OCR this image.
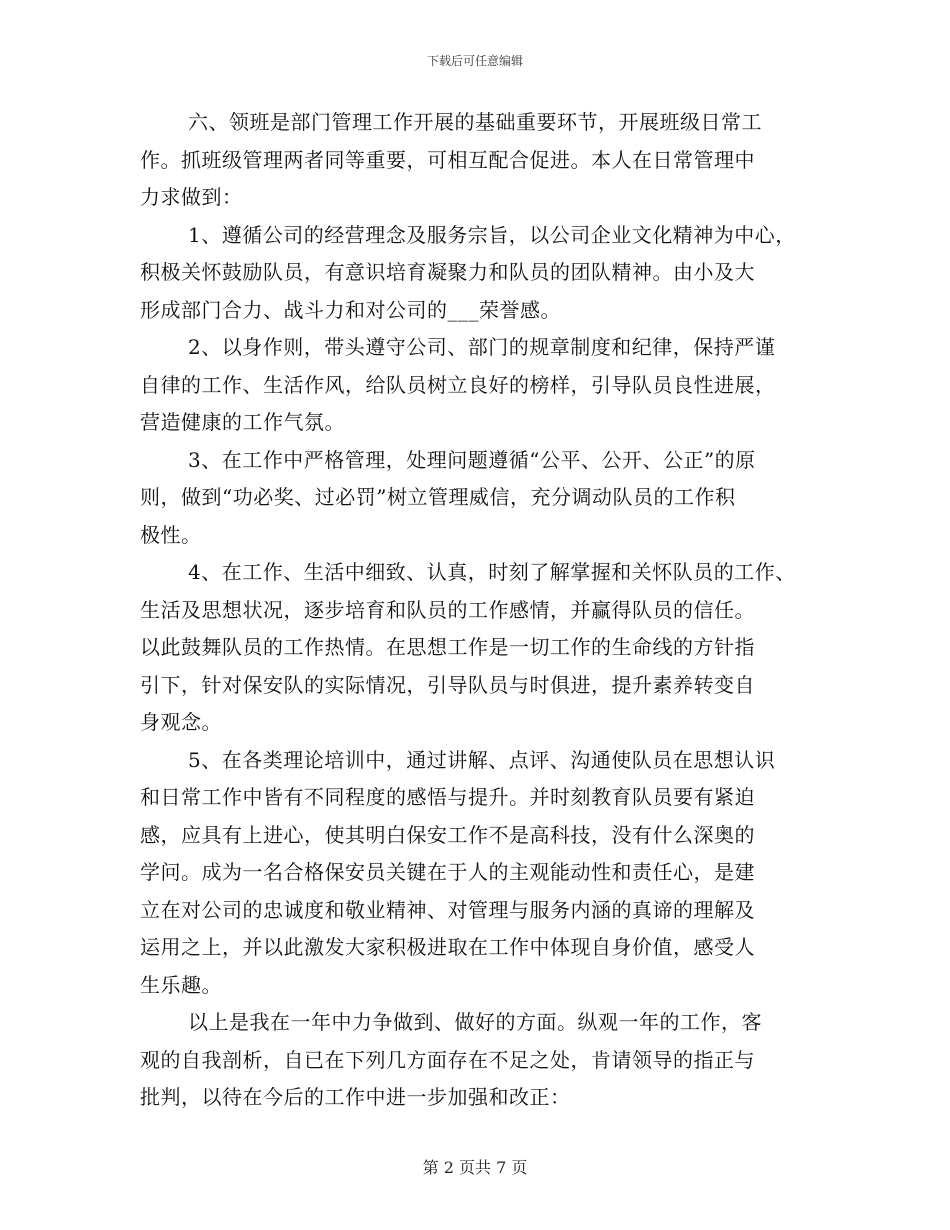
下载后可任意编辑
六、领班是部门管理工作开展的基础重要环节，开展班级日常工
作。抓班级管理两者同等重要，可相互配合促进。本人在日常管理中
力求做到：
1、遵循公司的经营理念及服务宗旨，以公司企业文化精神为中心，
积极关怀鼓励队员，有意识培育凝聚力和队员的团队精神。由小及大
形成部门合力、战斗力和对公司的___荣誉感。
2、以身作则，带头遵守公司、部门的规章制度和纪律，保持严谨
自律的工作、生活作风，给队员树立良好的榜样，引导队员良性进展，
营造健康的工作气氛。
3、在工作中严格管理，处理问题遵循“公平、公开、公正”的原
则，做到“功必奖、过必罚”树立管理威信，充分调动队员的工作积
极性。
4、在工作、生活中细致、认真，时刻了解掌握和关怀队员的工作、
生活及思想状况，逐步培育和队员的工作感情，并赢得队员的信任。
以此鼓舞队员的工作热情。在思想工作是一切工作的生命线的方针指
引下，针对保安队的实际情况，引导队员与时俱进，提升素养转变自
身观念。
5、在各类理论培训中，通过讲解、点评、沟通使队员在思想认识
和日常工作中皆有不同程度的感悟与提升。并时刻教育队员要有紧迫
感，应具有上进心，使其明白保安工作不是高科技，没有什么深奥的
学问。成为一名合格保安员关键在于人的主观能动性和责任心，是建
立在对公司的忠诚度和敬业精神、对管理与服务内涵的真谛的理解及
运用之上，并以此激发大家积极进取在工作中体现自身价值，感受人
生乐趣。
以上是我在一年中力争做到、做好的方面。纵观一年的工作，客
观的自我剖析，自已在下列几方面存在不足之处，肯请领导的指正与
批判，以待在今后的工作中进一步加强和改正：
第 2 页共 7 页
